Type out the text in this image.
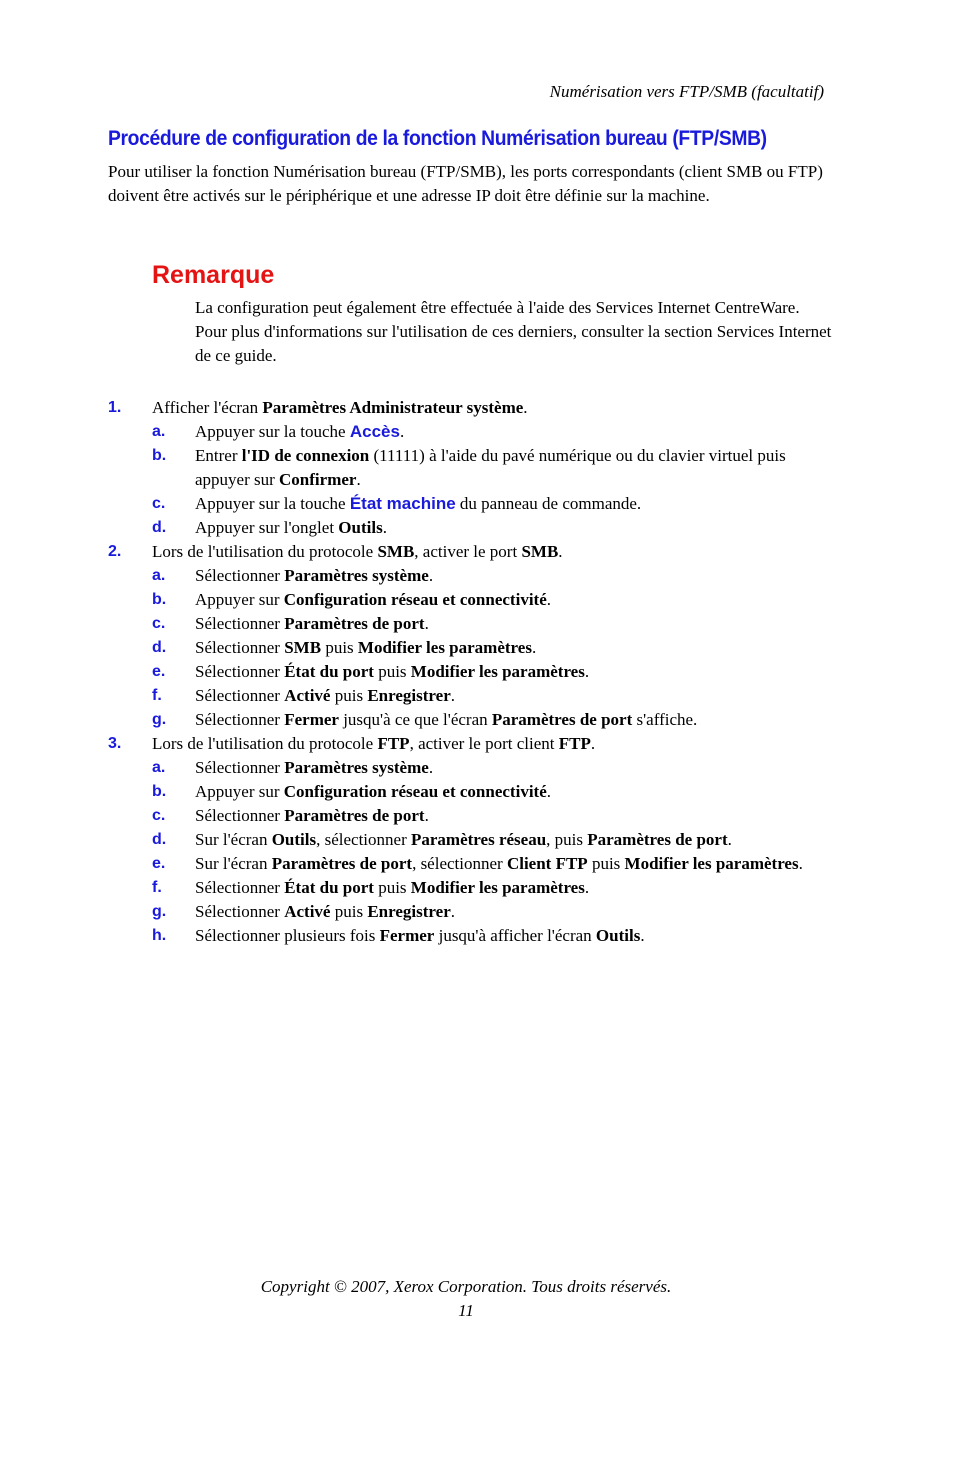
Numérisation vers FTP/SMB (facultatif)
Procédure de configuration de la fonction Numérisation bureau (FTP/SMB)
Pour utiliser la fonction Numérisation bureau (FTP/SMB), les ports correspondants (client SMB ou FTP) doivent être activés sur le périphérique et une adresse IP doit être définie sur la machine.
Remarque
La configuration peut également être effectuée à l'aide des Services Internet CentreWare. Pour plus d'informations sur l'utilisation de ces derniers, consulter la section Services Internet de ce guide.
1. Afficher l'écran Paramètres Administrateur système.
a. Appuyer sur la touche Accès.
b. Entrer l'ID de connexion (11111) à l'aide du pavé numérique ou du clavier virtuel puis appuyer sur Confirmer.
c. Appuyer sur la touche État machine du panneau de commande.
d. Appuyer sur l'onglet Outils.
2. Lors de l'utilisation du protocole SMB, activer le port SMB.
a. Sélectionner Paramètres système.
b. Appuyer sur Configuration réseau et connectivité.
c. Sélectionner Paramètres de port.
d. Sélectionner SMB puis Modifier les paramètres.
e. Sélectionner État du port puis Modifier les paramètres.
f. Sélectionner Activé puis Enregistrer.
g. Sélectionner Fermer jusqu'à ce que l'écran Paramètres de port s'affiche.
3. Lors de l'utilisation du protocole FTP, activer le port client FTP.
a. Sélectionner Paramètres système.
b. Appuyer sur Configuration réseau et connectivité.
c. Sélectionner Paramètres de port.
d. Sur l'écran Outils, sélectionner Paramètres réseau, puis Paramètres de port.
e. Sur l'écran Paramètres de port, sélectionner Client FTP puis Modifier les paramètres.
f. Sélectionner État du port puis Modifier les paramètres.
g. Sélectionner Activé puis Enregistrer.
h. Sélectionner plusieurs fois Fermer jusqu'à afficher l'écran Outils.
Copyright © 2007, Xerox Corporation. Tous droits réservés.
11
